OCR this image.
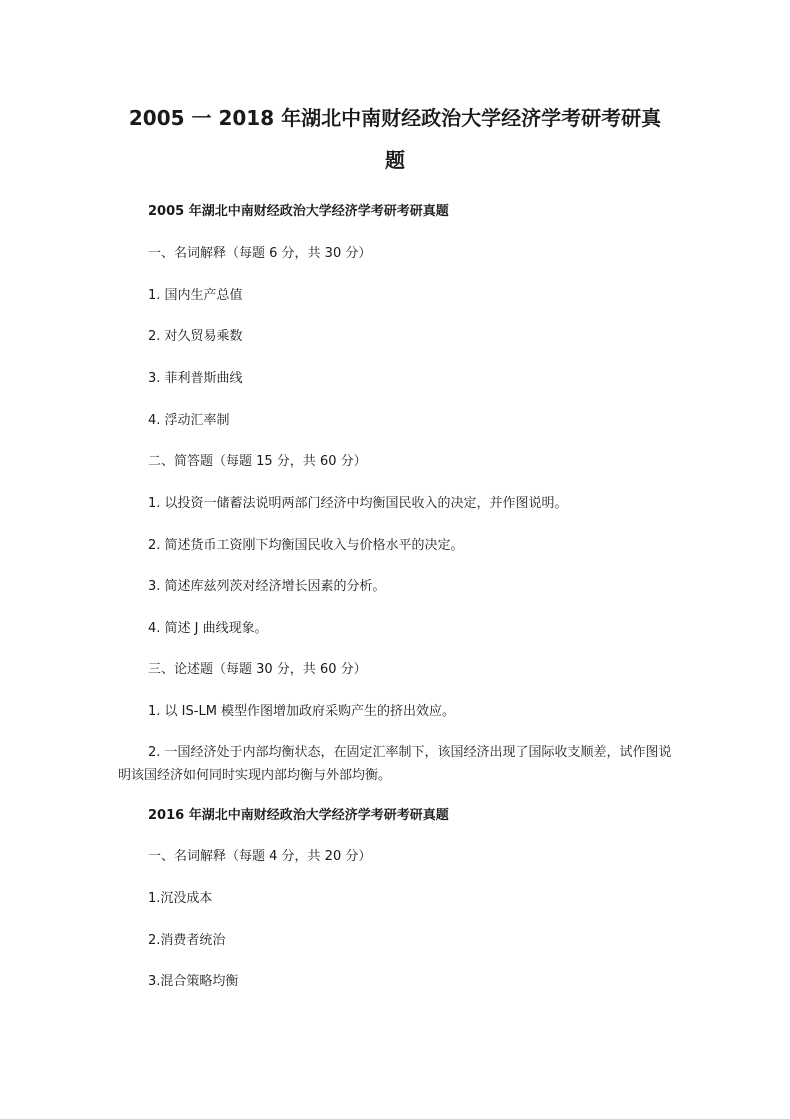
2005 一 2018 年湖北中南财经政治大学经济学考研考研真
题
2005 年湖北中南财经政治大学经济学考研考研真题
一、名词解释（每题 6 分，共 30 分）
1. 国内生产总值
2. 对久贸易乘数
3. 菲利普斯曲线
4. 浮动汇率制
二、简答题（每题 15 分，共 60 分）
1. 以投资一储蓄法说明两部门经济中均衡国民收入的决定，并作图说明。
2. 简述货币工资刚下均衡国民收入与价格水平的决定。
3. 简述库兹列茨对经济增长因素的分析。
4. 简述 J 曲线现象。
三、论述题（每题 30 分，共 60 分）
1. 以 IS-LM 模型作图增加政府采购产生的挤出效应。
2. 一国经济处于内部均衡状态，在固定汇率制下，该国经济出现了国际收支顺差，试作图说明该国经济如何同时实现内部均衡与外部均衡。
2016 年湖北中南财经政治大学经济学考研考研真题
一、名词解释（每题 4 分，共 20 分）
1.沉没成本
2.消费者统治
3.混合策略均衡
